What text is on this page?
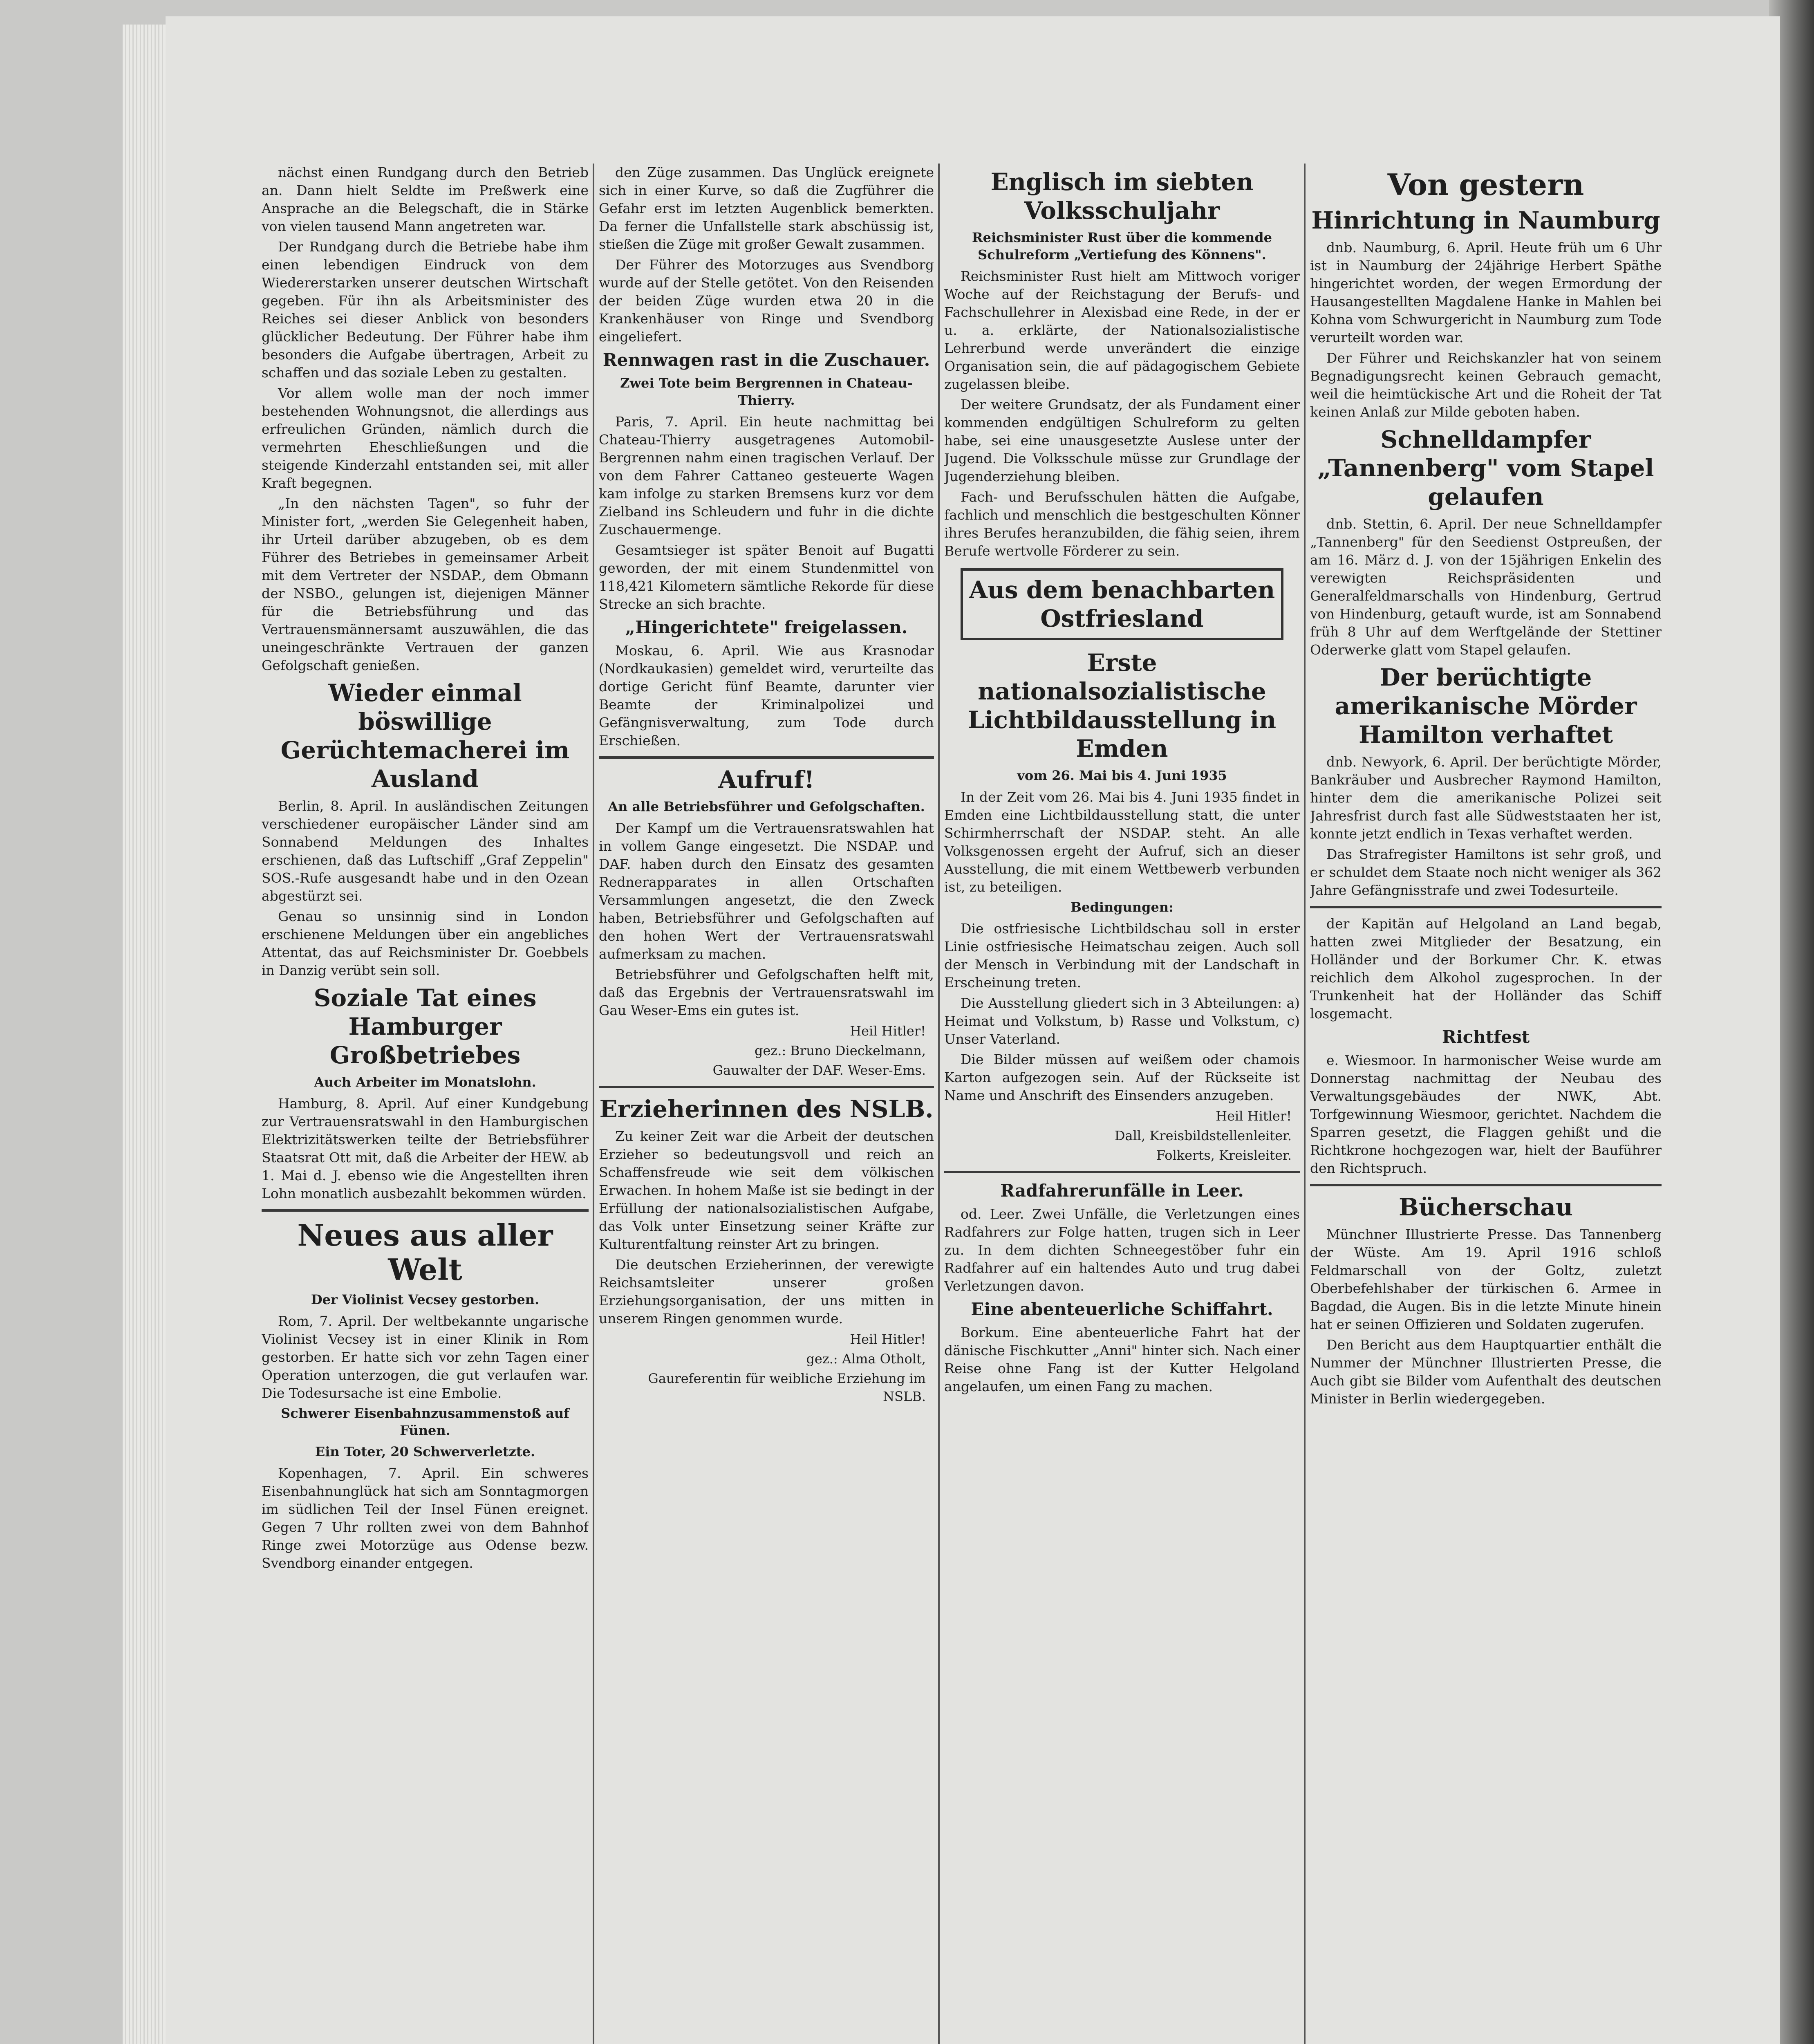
nächst einen Rundgang durch den Betrieb an. Dann hielt Seldte im Preßwerk eine Ansprache an die Belegschaft, die in Stärke von vielen tausend Mann angetreten war.

Der Rundgang durch die Betriebe habe ihm einen lebendigen Eindruck von dem Wiedererstarken unserer deutschen Wirtschaft gegeben. Für ihn als Arbeitsminister des Reiches sei dieser Anblick von besonders glücklicher Bedeutung. Der Führer habe ihm besonders die Aufgabe übertragen, Arbeit zu schaffen und das soziale Leben zu gestalten.

Vor allem wolle man der noch immer bestehenden Wohnungsnot, die allerdings aus erfreulichen Gründen, nämlich durch die vermehrten Eheschließungen und die steigende Kinderzahl entstanden sei, mit aller Kraft begegnen.

„In den nächsten Tagen", so fuhr der Minister fort, „werden Sie Gelegenheit haben, ihr Urteil darüber abzugeben, ob es dem Führer des Betriebes in gemeinsamer Arbeit mit dem Vertreter der NSDAP., dem Obmann der NSBO., gelungen ist, diejenigen Männer für die Betriebsführung und das Vertrauensmännersamt auszuwählen, die das uneingeschränkte Vertrauen der ganzen Gefolgschaft genießen.

Wieder einmal böswillige Gerüchtemacherei im Ausland

Berlin, 8. April. In ausländischen Zeitungen verschiedener europäischer Länder sind am Sonnabend Meldungen des Inhaltes erschienen, daß das Luftschiff „Graf Zeppelin" SOS.-Rufe ausgesandt habe und in den Ozean abgestürzt sei.

Genau so unsinnig sind in London erschienene Meldungen über ein angebliches Attentat, das auf Reichsminister Dr. Goebbels in Danzig verübt sein soll.

Soziale Tat eines Hamburger Großbetriebes
Auch Arbeiter im Monatslohn.

Hamburg, 8. April. Auf einer Kundgebung zur Vertrauensratswahl in den Hamburgischen Elektrizitätswerken teilte der Betriebsführer Staatsrat Ott mit, daß die Arbeiter der HEW. ab 1. Mai d. J. ebenso wie die Angestellten ihren Lohn monatlich ausbezahlt bekommen würden.

Neues aus aller Welt
Der Violinist Vecsey gestorben.

Rom, 7. April. Der weltbekannte ungarische Violinist Vecsey ist in einer Klinik in Rom gestorben. Er hatte sich vor zehn Tagen einer Operation unterzogen, die gut verlaufen war. Die Todesursache ist eine Embolie.

Schwerer Eisenbahnzusammenstoß auf Fünen.
Ein Toter, 20 Schwerverletzte.

Kopenhagen, 7. April. Ein schweres Eisenbahnunglück hat sich am Sonntagmorgen im südlichen Teil der Insel Fünen ereignet. Gegen 7 Uhr rollten zwei von dem Bahnhof Ringe zwei Motorzüge aus Odense bezw. Svendborg einander entgegen.

den Züge zusammen. Das Unglück ereignete sich in einer Kurve, so daß die Zugführer die Gefahr erst im letzten Augenblick bemerkten. Da ferner die Unfallstelle stark abschüssig ist, stießen die Züge mit großer Gewalt zusammen.

Der Führer des Motorzuges aus Svendborg wurde auf der Stelle getötet. Von den Reisenden der beiden Züge wurden etwa 20 in die Krankenhäuser von Ringe und Svendborg eingeliefert.

Rennwagen rast in die Zuschauer.
Zwei Tote beim Bergrennen in Chateau-Thierry.

Paris, 7. April. Ein heute nachmittag bei Chateau-Thierry ausgetragenes Automobil-Bergrennen nahm einen tragischen Verlauf. Der von dem Fahrer Cattaneo gesteuerte Wagen kam infolge zu starken Bremsens kurz vor dem Zielband ins Schleudern und fuhr in die dichte Zuschauermenge.

Gesamtsieger ist später Benoit auf Bugatti geworden, der mit einem Stundenmittel von 118,421 Kilometern sämtliche Rekorde für diese Strecke an sich brachte.

„Hingerichtete" freigelassen.

Moskau, 6. April. Wie aus Krasnodar (Nordkaukasien) gemeldet wird, verurteilte das dortige Gericht fünf Beamte, darunter vier Beamte der Kriminalpolizei und Gefängnisverwaltung, zum Tode durch Erschießen.

Aufruf!
An alle Betriebsführer und Gefolgschaften.

Der Kampf um die Vertrauensratswahlen hat in vollem Gange eingesetzt. Die NSDAP. und DAF. haben durch den Einsatz des gesamten Rednerapparates in allen Ortschaften Versammlungen angesetzt, die den Zweck haben, Betriebsführer und Gefolgschaften auf den hohen Wert der Vertrauensratswahl aufmerksam zu machen.

Betriebsführer und Gefolgschaften helft mit, daß das Ergebnis der Vertrauensratswahl im Gau Weser-Ems ein gutes ist.

Heil Hitler!
gez.: Bruno Dieckelmann,
Gauwalter der DAF. Weser-Ems.
Erzieherinnen des NSLB.

Zu keiner Zeit war die Arbeit der deutschen Erzieher so bedeutungsvoll und reich an Schaffensfreude wie seit dem völkischen Erwachen. In hohem Maße ist sie bedingt in der Erfüllung der nationalsozialistischen Aufgabe, das Volk unter Einsetzung seiner Kräfte zur Kulturentfaltung reinster Art zu bringen.

Die deutschen Erzieherinnen, der verewigte Reichsamtsleiter unserer großen Erziehungsorganisation, der uns mitten in unserem Ringen genommen wurde.

Heil Hitler!
gez.: Alma Otholt,
Gaureferentin für weibliche Erziehung im NSLB.
Englisch im siebten Volksschuljahr
Reichsminister Rust über die kommende Schulreform „Vertiefung des Könnens".

Reichsminister Rust hielt am Mittwoch voriger Woche auf der Reichstagung der Berufs- und Fachschullehrer in Alexisbad eine Rede, in der er u. a. erklärte, der Nationalsozialistische Lehrerbund werde unverändert die einzige Organisation sein, die auf pädagogischem Gebiete zugelassen bleibe.

Der weitere Grundsatz, der als Fundament einer kommenden endgültigen Schulreform zu gelten habe, sei eine unausgesetzte Auslese unter der Jugend. Die Volksschule müsse zur Grundlage der Jugenderziehung bleiben.

Fach- und Berufsschulen hätten die Aufgabe, fachlich und menschlich die bestgeschulten Könner ihres Berufes heranzubilden, die fähig seien, ihrem Berufe wertvolle Förderer zu sein.

Aus dem benachbarten Ostfriesland
Erste nationalsozialistische Lichtbildausstellung in Emden
vom 26. Mai bis 4. Juni 1935

In der Zeit vom 26. Mai bis 4. Juni 1935 findet in Emden eine Lichtbildausstellung statt, die unter Schirmherrschaft der NSDAP. steht. An alle Volksgenossen ergeht der Aufruf, sich an dieser Ausstellung, die mit einem Wettbewerb verbunden ist, zu beteiligen.

Bedingungen:

Die ostfriesische Lichtbildschau soll in erster Linie ostfriesische Heimatschau zeigen. Auch soll der Mensch in Verbindung mit der Landschaft in Erscheinung treten.

Die Ausstellung gliedert sich in 3 Abteilungen: a) Heimat und Volkstum, b) Rasse und Volkstum, c) Unser Vaterland.

Die Bilder müssen auf weißem oder chamois Karton aufgezogen sein. Auf der Rückseite ist Name und Anschrift des Einsenders anzugeben.

Heil Hitler!
Dall, Kreisbildstellenleiter.
Folkerts, Kreisleiter.
Radfahrerunfälle in Leer.

od. Leer. Zwei Unfälle, die Verletzungen eines Radfahrers zur Folge hatten, trugen sich in Leer zu. In dem dichten Schneegestöber fuhr ein Radfahrer auf ein haltendes Auto und trug dabei Verletzungen davon.

Eine abenteuerliche Schiffahrt.

Borkum. Eine abenteuerliche Fahrt hat der dänische Fischkutter „Anni" hinter sich. Nach einer Reise ohne Fang ist der Kutter Helgoland angelaufen, um einen Fang zu machen.

Von gestern
Hinrichtung in Naumburg

dnb. Naumburg, 6. April. Heute früh um 6 Uhr ist in Naumburg der 24jährige Herbert Späthe hingerichtet worden, der wegen Ermordung der Hausangestellten Magdalene Hanke in Mahlen bei Kohna vom Schwurgericht in Naumburg zum Tode verurteilt worden war.

Der Führer und Reichskanzler hat von seinem Begnadigungsrecht keinen Gebrauch gemacht, weil die heimtückische Art und die Roheit der Tat keinen Anlaß zur Milde geboten haben.

Schnelldampfer „Tannenberg" vom Stapel gelaufen

dnb. Stettin, 6. April. Der neue Schnelldampfer „Tannenberg" für den Seedienst Ostpreußen, der am 16. März d. J. von der 15jährigen Enkelin des verewigten Reichspräsidenten und Generalfeldmarschalls von Hindenburg, Gertrud von Hindenburg, getauft wurde, ist am Sonnabend früh 8 Uhr auf dem Werftgelände der Stettiner Oderwerke glatt vom Stapel gelaufen.

Der berüchtigte amerikanische Mörder Hamilton verhaftet

dnb. Newyork, 6. April. Der berüchtigte Mörder, Bankräuber und Ausbrecher Raymond Hamilton, hinter dem die amerikanische Polizei seit Jahresfrist durch fast alle Südweststaaten her ist, konnte jetzt endlich in Texas verhaftet werden.

Das Strafregister Hamiltons ist sehr groß, und er schuldet dem Staate noch nicht weniger als 362 Jahre Gefängnisstrafe und zwei Todesurteile.

der Kapitän auf Helgoland an Land begab, hatten zwei Mitglieder der Besatzung, ein Holländer und der Borkumer Chr. K. etwas reichlich dem Alkohol zugesprochen. In der Trunkenheit hat der Holländer das Schiff losgemacht.

Richtfest

e. Wiesmoor. In harmonischer Weise wurde am Donnerstag nachmittag der Neubau des Verwaltungsgebäudes der NWK, Abt. Torfgewinnung Wiesmoor, gerichtet. Nachdem die Sparren gesetzt, die Flaggen gehißt und die Richtkrone hochgezogen war, hielt der Bauführer den Richtspruch.

Bücherschau

Münchner Illustrierte Presse. Das Tannenberg der Wüste. Am 19. April 1916 schloß Feldmarschall von der Goltz, zuletzt Oberbefehlshaber der türkischen 6. Armee in Bagdad, die Augen. Bis in die letzte Minute hinein hat er seinen Offizieren und Soldaten zugerufen.

Den Bericht aus dem Hauptquartier enthält die Nummer der Münchner Illustrierten Presse, die Auch gibt sie Bilder vom Aufenthalt des deutschen Minister in Berlin wiedergegeben.
